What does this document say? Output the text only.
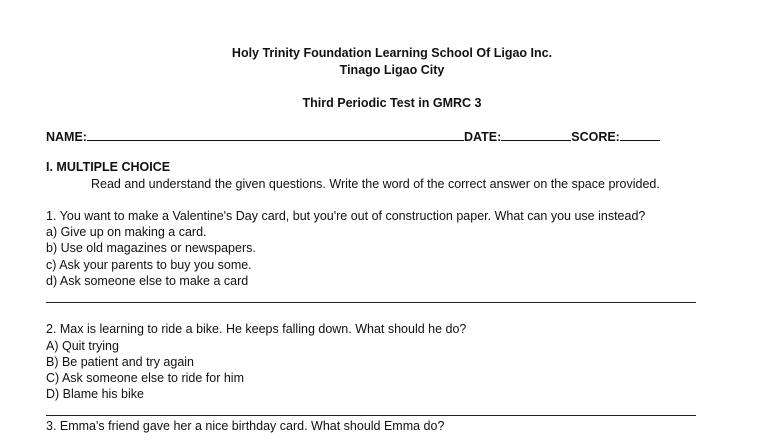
Holy Trinity Foundation Learning School Of Ligao Inc.
Tinago Ligao City
Third Periodic Test in GMRC 3
NAME:	DATE:	SCORE:
I. MULTIPLE CHOICE
Read and understand the given questions. Write the word of the correct answer on the space provided.
1. You want to make a Valentine's Day card, but you're out of construction paper. What can you use instead?
a) Give up on making a card.
b) Use old magazines or newspapers.
c) Ask your parents to buy you some.
d) Ask someone else to make a card
2. Max is learning to ride a bike. He keeps falling down. What should he do?
A) Quit trying
B) Be patient and try again
C) Ask someone else to ride for him
D) Blame his bike
3. Emma's friend gave her a nice birthday card. What should Emma do?
